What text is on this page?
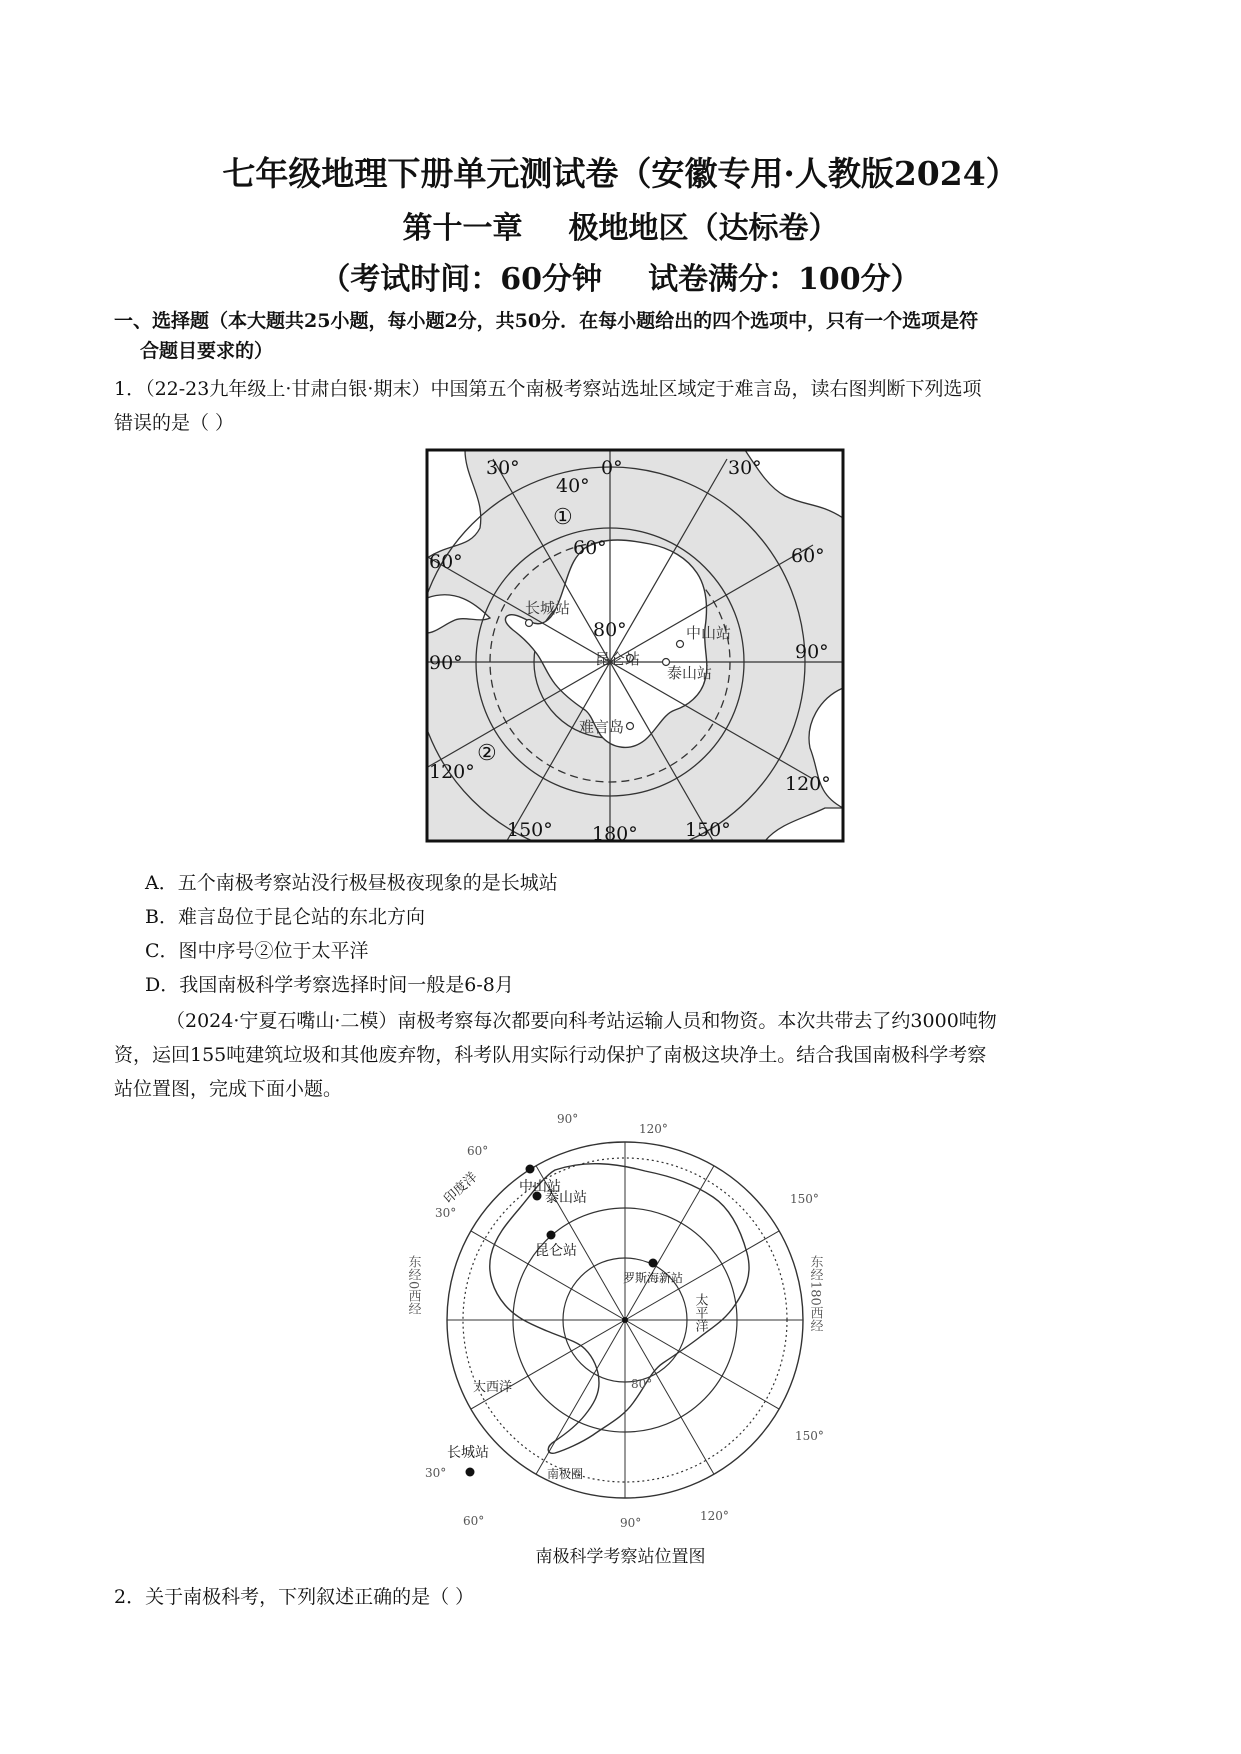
七年级地理下册单元测试卷（安徽专用·人教版2024）
第十一章 极地地区（达标卷）
（考试时间：60分钟 试卷满分：100分）
一、选择题（本大题共25小题，每小题2分，共50分．在每小题给出的四个选项中，只有一个选项是符
合题目要求的）
1．（22-23九年级上·甘肃白银·期末）中国第五个南极考察站选址区域定于难言岛，读右图判断下列选项
错误的是（ ）
30°	0°	30°
60°	60°
90°	90°
120°
120°
150° 180° 150°
40°
60°
80°
①
②
长城站
中山站
昆仑站
泰山站
难言岛
A．五个南极考察站没行极昼极夜现象的是长城站
B．难言岛位于昆仑站的东北方向
C．图中序号②位于太平洋
D．我国南极科学考察选择时间一般是6-8月
（2024·宁夏石嘴山·二模）南极考察每次都要向科考站运输人员和物资。本次共带去了约3000吨物
资，运回155吨建筑垃圾和其他废弃物，科考队用实际行动保护了南极这块净土。结合我国南极科学考察
站位置图，完成下面小题。
90°
120°
150°
150°
120°
90°
60°
30°
30°
60°
80°
东经180西经
东经0西经
印度洋
大西洋
太平洋
南极圈
中山站
泰山站
昆仑站
罗斯海新站
长城站
南极科学考察站位置图
2．关于南极科考，下列叙述正确的是（ ）
